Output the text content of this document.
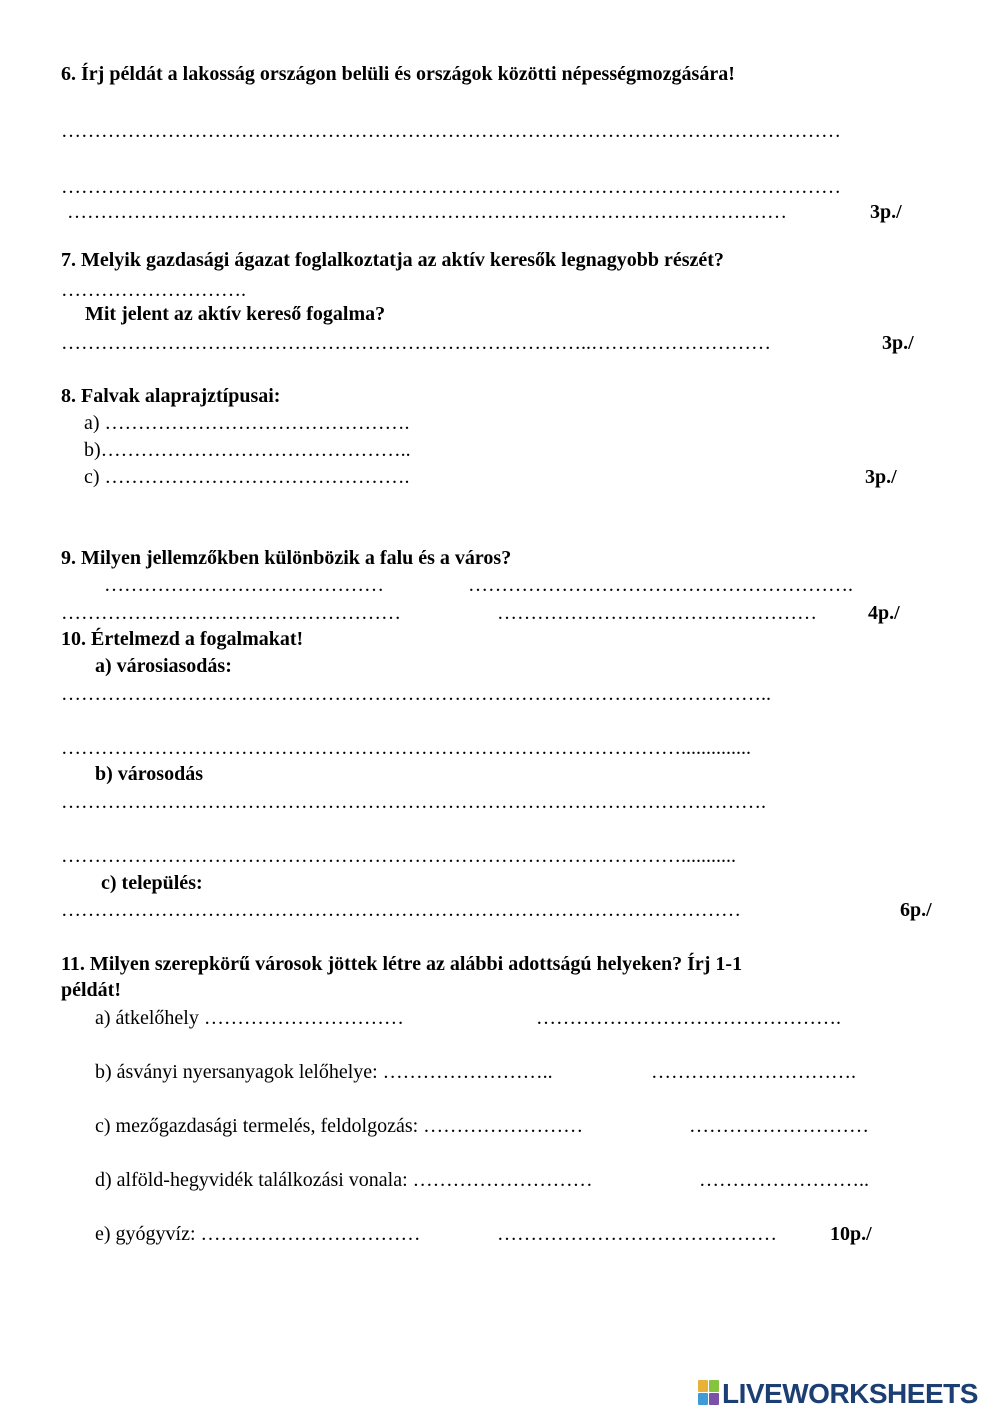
6. Írj példát a lakosság országon belüli és országok közötti népességmozgására!
………………………………………………………………………………………………………
………………………………………………………………………………………………………
………………………………………………………………………………………………	3p./
7. Melyik gazdasági ágazat foglalkoztatja az aktív keresők legnagyobb részét?
……………………….
Mit jelent az aktív kereső fogalma?
……………………………………………………………………..………………………	3p./
8. Falvak alaprajztípusai:
a) ……………………………………….
b)………………………………………..
c) ……………………………………….	3p./
9. Milyen jellemzőkben különbözik a falu és a város?
……………………………………	………………………………………………….
……………………………………………	…………………………………………	4p./
10. Értelmezd a fogalmakat!
a) városiasodás:
……………………………………………………………………………………………..
…………………………………………………………………………………..............
b) városodás
…………………………………………………………………………………………….
…………………………………………………………………………………...........
c) település:
…………………………………………………………………………………………	6p./
11. Milyen szerepkörű városok jöttek létre az alábbi adottságú helyeken? Írj 1-1
példát!
a) átkelőhely …………………………	……………………………………….
b) ásványi nyersanyagok lelőhelye: ……………………..	………………………….
c) mezőgazdasági termelés, feldolgozás: ……………………	………………………
d) alföld-hegyvidék találkozási vonala: ………………………	……………………..
e) gyógyvíz: ……………………………	……………………………………	10p./
LIVEWORKSHEETS
